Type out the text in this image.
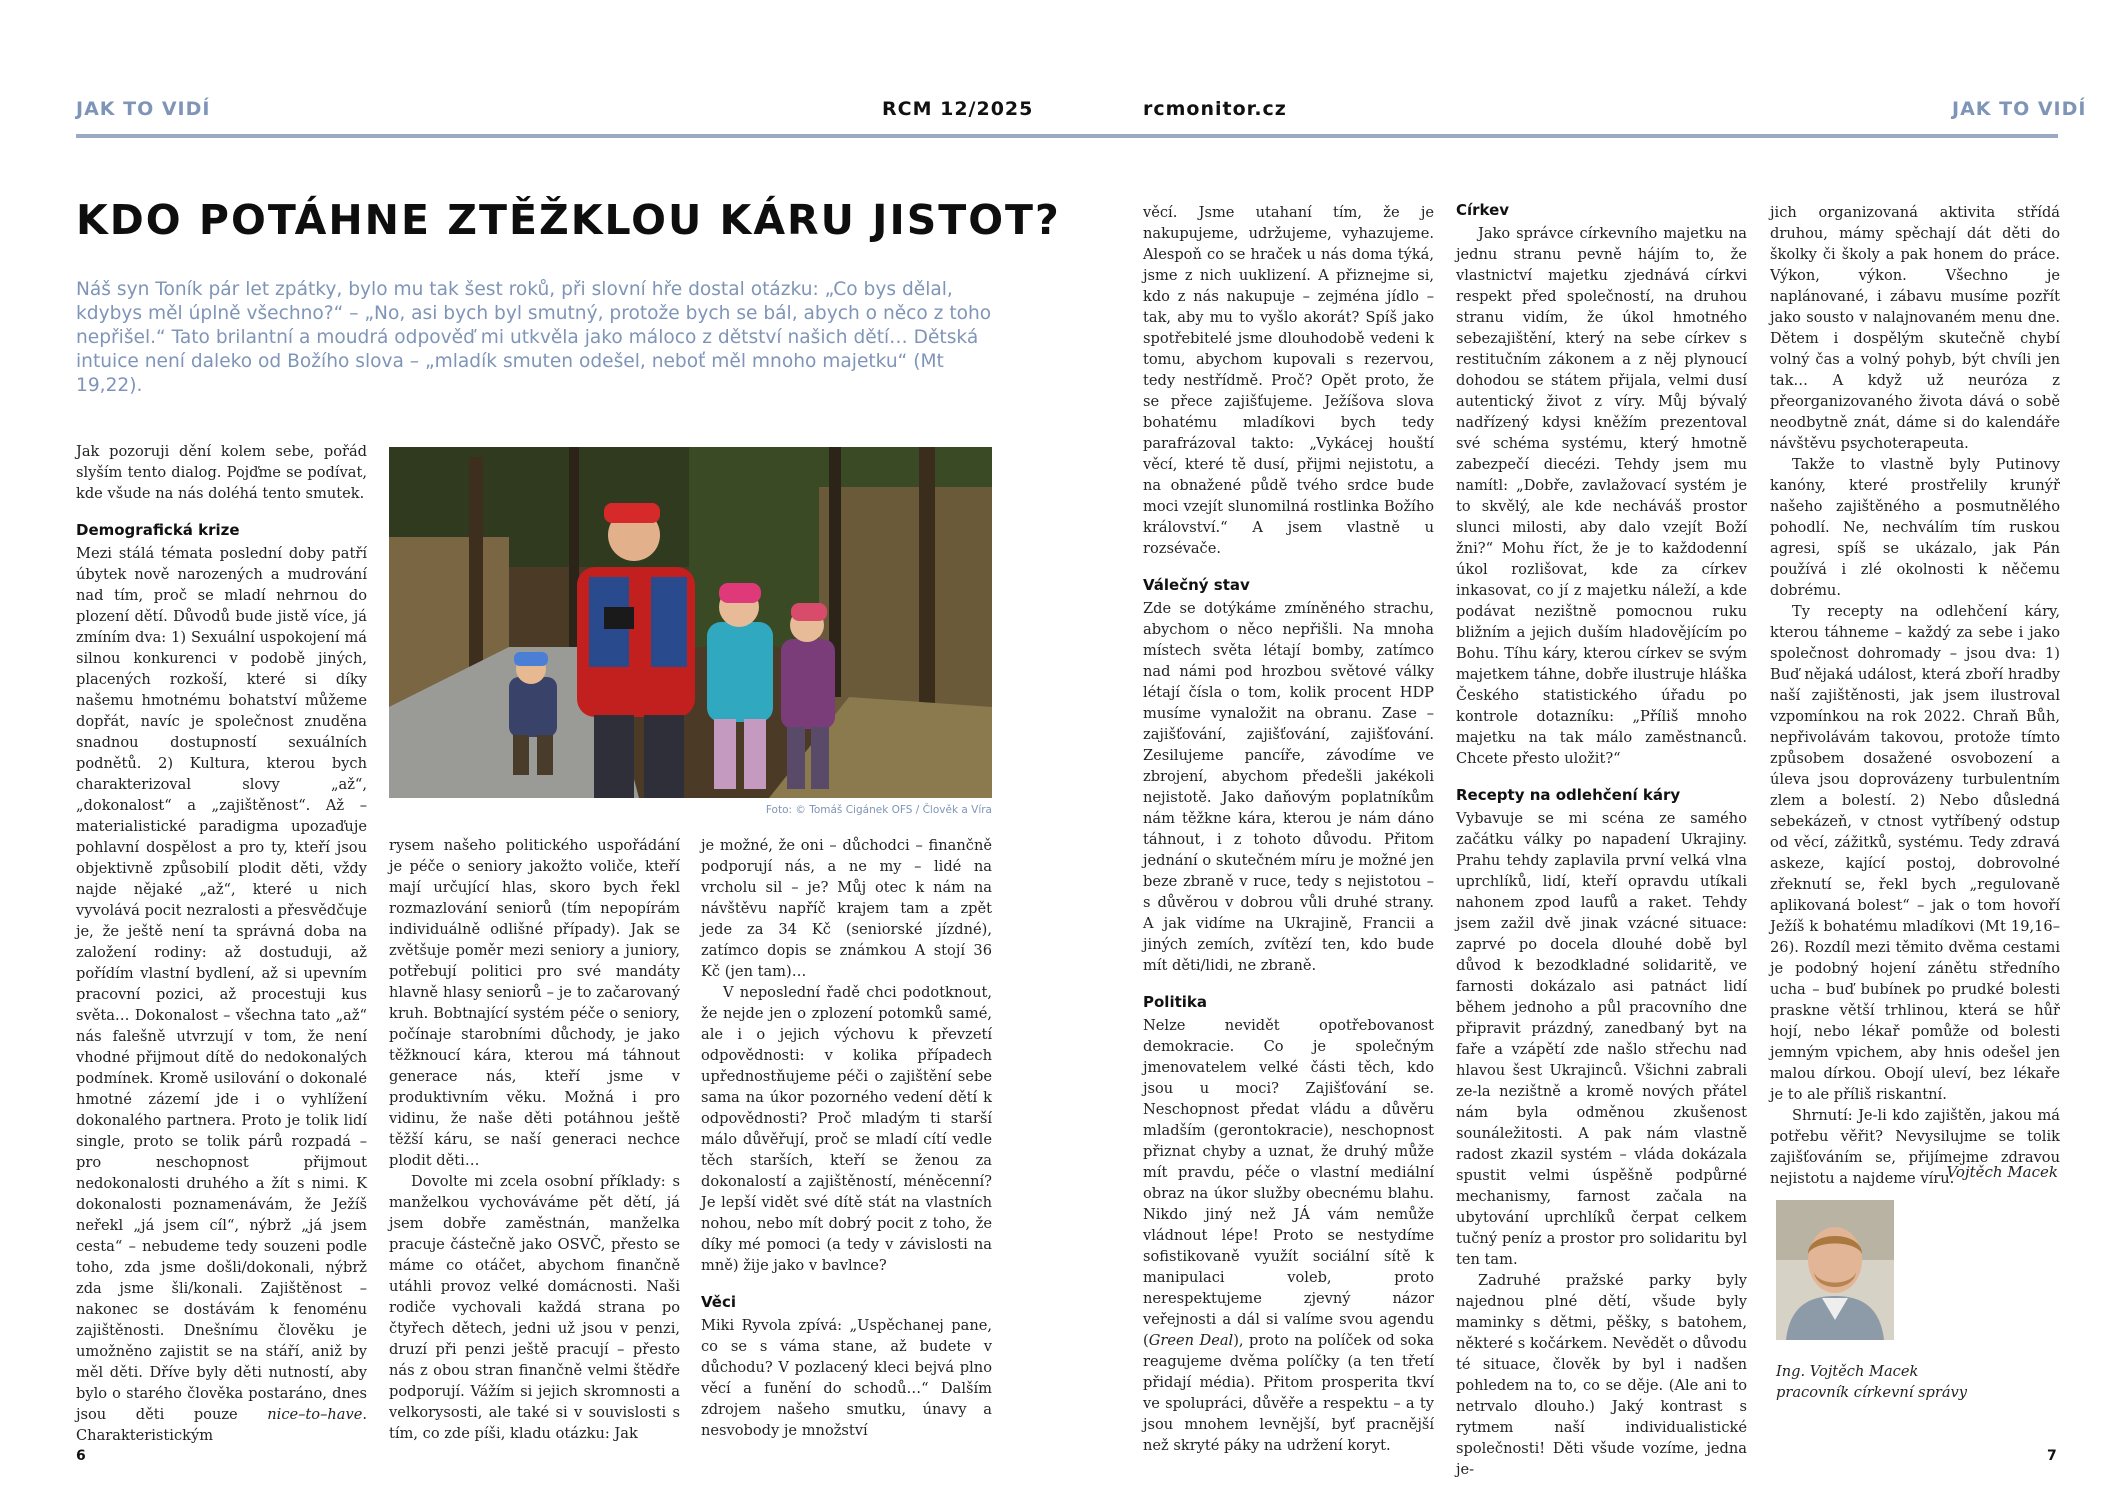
JAK TO VIDÍ	RCM 12/2025	rcmonitor.cz	JAK TO VIDÍ
KDO POTÁHNE ZTĚŽKLOU KÁRU JISTOT?

Náš syn Toník pár let zpátky, bylo mu tak šest roků, při slovní hře dostal otázku: „Co bys dělal, kdybys měl úplně všechno?“ – „No, asi bych byl smutný, protože bych se bál, abych o něco z toho nepřišel.“ Tato brilantní a moudrá odpověď mi utkvěla jako máloco z dětství našich dětí… Dětská intuice není daleko od Božího slova – „mladík smuten odešel, neboť měl mnoho majetku“ (Mt 19,22).

Jak pozoruji dění kolem sebe, pořád slyším tento dialog. Pojďme se podívat, kde všude na nás doléhá tento smutek.

Demografická krize

Mezi stálá témata poslední doby patří úbytek nově narozených a mudrování nad tím, proč se mladí nehrnou do plození dětí. Důvodů bude jistě více, já zmíním dva: 1) Sexuální uspokojení má silnou konkurenci v podobě jiných, placených rozkoší, které si díky našemu hmotnému bohatství můžeme dopřát, navíc je společnost znuděna snadnou dostupností sexuálních podnětů. 2) Kultura, kterou bych charakterizoval slovy „až“, „dokonalost“ a „zajištěnost“. Až – materialistické paradigma upozaďuje pohlavní dospělost a pro ty, kteří jsou objektivně způsobilí plodit děti, vždy najde nějaké „až“, které u nich vyvolává pocit nezralosti a přesvědčuje je, že ještě není ta správná doba na založení rodiny: až dostuduji, až pořídím vlastní bydlení, až si upevním pracovní pozici, až procestuji kus světa… Dokonalost – všechna tato „až“ nás falešně utvrzují v tom, že není vhodné přijmout dítě do nedokonalých podmínek. Kromě usilování o dokonalé hmotné zázemí jde i o vyhlížení dokonalého partnera. Proto je tolik lidí single, proto se tolik párů rozpadá – pro neschopnost přijmout nedokonalosti druhého a žít s nimi. K dokonalosti poznamenávám, že Ježíš neřekl „já jsem cíl“, nýbrž „já jsem cesta“ – nebudeme tedy souzeni podle toho, zda jsme došli/dokonali, nýbrž zda jsme šli/konali. Zajištěnost – nakonec se dostávám k fenoménu zajištěnosti. Dnešnímu člověku je umožněno zajistit se na stáří, aniž by měl děti. Dříve byly děti nutností, aby bylo o starého člověka postaráno, dnes jsou děti pouze nice–to–have. Charakteristickým

Foto: © Tomáš Cigánek OFS / Člověk a Víra

rysem našeho politického uspořádání je péče o seniory jakožto voliče, kteří mají určující hlas, skoro bych řekl rozmazlování seniorů (tím nepopírám individuálně odlišné případy). Jak se zvětšuje poměr mezi seniory a juniory, potřebují politici pro své mandáty hlavně hlasy seniorů – je to začarovaný kruh. Bobtnající systém péče o seniory, počínaje starobními důchody, je jako těžknoucí kára, kterou má táhnout generace nás, kteří jsme v produktivním věku. Možná i pro vidinu, že naše děti potáhnou ještě těžší káru, se naší generaci nechce plodit děti…

Dovolte mi zcela osobní příklady: s manželkou vychováváme pět dětí, já jsem dobře zaměstnán, manželka pracuje částečně jako OSVČ, přesto se máme co otáčet, abychom finančně utáhli provoz velké domácnosti. Naši rodiče vychovali každá strana po čtyřech dětech, jedni už jsou v penzi, druzí při penzi ještě pracují – přesto nás z obou stran finančně velmi štědře podporují. Vážím si jejich skromnosti a velkorysosti, ale také si v souvislosti s tím, co zde píši, kladu otázku: Jak

je možné, že oni – důchodci – finančně podporují nás, a ne my – lidé na vrcholu sil – je? Můj otec k nám na návštěvu napříč krajem tam a zpět jede za 34 Kč (seniorské jízdné), zatímco dopis se známkou A stojí 36 Kč (jen tam)…

V neposlední řadě chci podotknout, že nejde jen o zplození potomků samé, ale i o jejich výchovu k převzetí odpovědnosti: v kolika případech upřednostňujeme péči o zajištění sebe sama na úkor pozorného vedení dětí k odpovědnosti? Proč mladým ti starší málo důvěřují, proč se mladí cítí vedle těch starších, kteří se ženou za dokonalostí a zajištěností, méněcenní? Je lepší vidět své dítě stát na vlastních nohou, nebo mít dobrý pocit z toho, že díky mé pomoci (a tedy v závislosti na mně) žije jako v bavlnce?

Věci

Miki Ryvola zpívá: „Uspěchanej pane, co se s váma stane, až budete v důchodu? V pozlacený kleci bejvá plno věcí a funění do schodů…“ Dalším zdrojem našeho smutku, únavy a nesvobody je množství

věcí. Jsme utahaní tím, že je nakupujeme, udržujeme, vyhazujeme. Alespoň co se hraček u nás doma týká, jsme z nich uuklizení. A přiznejme si, kdo z nás nakupuje – zejména jídlo – tak, aby mu to vyšlo akorát? Spíš jako spotřebitelé jsme dlouhodobě vedeni k tomu, abychom kupovali s rezervou, tedy nestřídmě. Proč? Opět proto, že se přece zajišťujeme. Ježíšova slova bohatému mladíkovi bych tedy parafrázoval takto: „Vykácej houští věcí, které tě dusí, přijmi nejistotu, a na obnažené půdě tvého srdce bude moci vzejít slunomilná rostlinka Božího království.“ A jsem vlastně u rozsévače.

Válečný stav

Zde se dotýkáme zmíněného strachu, abychom o něco nepřišli. Na mnoha místech světa létají bomby, zatímco nad námi pod hrozbou světové války létají čísla o tom, kolik procent HDP musíme vynaložit na obranu. Zase – zajišťování, zajišťování, zajišťování. Zesilujeme pancíře, závodíme ve zbrojení, abychom předešli jakékoli nejistotě. Jako daňovým poplatníkům nám těžkne kára, kterou je nám dáno táhnout, i z tohoto důvodu. Přitom jednání o skutečném míru je možné jen beze zbraně v ruce, tedy s nejistotou – s důvěrou v dobrou vůli druhé strany. A jak vidíme na Ukrajině, Francii a jiných zemích, zvítězí ten, kdo bude mít děti/lidi, ne zbraně.

Politika

Nelze nevidět opotřebovanost demokracie. Co je společným jmenovatelem velké části těch, kdo jsou u moci? Zajišťování se. Neschopnost předat vládu a důvěru mladším (gerontokracie), neschopnost přiznat chyby a uznat, že druhý může mít pravdu, péče o vlastní mediální obraz na úkor služby obecnému blahu. Nikdo jiný než JÁ vám nemůže vládnout lépe! Proto se nestydíme sofistikovaně využít sociální sítě k manipulaci voleb, proto nerespektujeme zjevný názor veřejnosti a dál si valíme svou agendu (Green Deal), proto na políček od soka reagujeme dvěma políčky (a ten třetí přidají média). Přitom prosperita tkví ve spolupráci, důvěře a respektu – a ty jsou mnohem levnější, byť pracnější než skryté páky na udržení koryt.

Církev

Jako správce církevního majetku na jednu stranu pevně hájím to, že vlastnictví majetku zjednává církvi respekt před společností, na druhou stranu vidím, že úkol hmotného sebezajištění, který na sebe církev s restitučním zákonem a z něj plynoucí dohodou se státem přijala, velmi dusí autentický život z víry. Můj bývalý nadřízený kdysi kněžím prezentoval své schéma systému, který hmotně zabezpečí diecézi. Tehdy jsem mu namítl: „Dobře, zavlažovací systém je to skvělý, ale kde necháváš prostor slunci milosti, aby dalo vzejít Boží žni?“ Mohu říct, že je to každodenní úkol rozlišovat, kde za církev inkasovat, co jí z majetku náleží, a kde podávat nezištně pomocnou ruku bližním a jejich duším hladovějícím po Bohu. Tíhu káry, kterou církev se svým majetkem táhne, dobře ilustruje hláška Českého statistického úřadu po kontrole dotazníku: „Příliš mnoho majetku na tak málo zaměstnanců. Chcete přesto uložit?“

Recepty na odlehčení káry

Vybavuje se mi scéna ze samého začátku války po napadení Ukrajiny. Prahu tehdy zaplavila první velká vlna uprchlíků, lidí, kteří opravdu utíkali nahonem zpod laufů a raket. Tehdy jsem zažil dvě jinak vzácné situace: zaprvé po docela dlouhé době byl důvod k bezodkladné solidaritě, ve farnosti dokázalo asi patnáct lidí během jednoho a půl pracovního dne připravit prázdný, zanedbaný byt na faře a vzápětí zde našlo střechu nad hlavou šest Ukrajinců. Všichni zabrali ze-la nezištně a kromě nových přátel nám byla odměnou zkušenost sounáležitosti. A pak nám vlastně radost zkazil systém – vláda dokázala spustit velmi úspěšně podpůrné mechanismy, farnost začala na ubytování uprchlíků čerpat celkem tučný peníz a prostor pro solidaritu byl ten tam.

Zadruhé pražské parky byly najednou plné dětí, všude byly maminky s dětmi, pěšky, s batohem, některé s kočárkem. Nevědět o důvodu té situace, člověk by byl i nadšen pohledem na to, co se děje. (Ale ani to netrvalo dlouho.) Jaký kontrast s rytmem naší individualistické společnosti! Děti všude vozíme, jedna je-

jich organizovaná aktivita střídá druhou, mámy spěchají dát děti do školky či školy a pak honem do práce. Výkon, výkon. Všechno je naplánované, i zábavu musíme pozřít jako sousto v nalajnovaném menu dne. Dětem i dospělým skutečně chybí volný čas a volný pohyb, být chvíli jen tak… A když už neuróza z přeorganizovaného života dává o sobě neodbytně znát, dáme si do kalendáře návštěvu psychoterapeuta.

Takže to vlastně byly Putinovy kanóny, které prostřelily krunýř našeho zajištěného a posmutnělého pohodlí. Ne, nechválím tím ruskou agresi, spíš se ukázalo, jak Pán používá i zlé okolnosti k něčemu dobrému.

Ty recepty na odlehčení káry, kterou táhneme – každý za sebe i jako společnost dohromady – jsou dva: 1) Buď nějaká událost, která zboří hradby naší zajištěnosti, jak jsem ilustroval vzpomínkou na rok 2022. Chraň Bůh, nepřivolávám takovou, protože tímto způsobem dosažené osvobození a úleva jsou doprovázeny turbulentním zlem a bolestí. 2) Nebo důsledná sebekázeň, v ctnost vytříbený odstup od věcí, zážitků, systému. Tedy zdravá askeze, kající postoj, dobrovolné zřeknutí se, řekl bych „regulovaně aplikovaná bolest“ – jak o tom hovoří Ježíš k bohatému mladíkovi (Mt 19,16–26). Rozdíl mezi těmito dvěma cestami je podobný hojení zánětu středního ucha – buď bubínek po prudké bolesti praskne větší trhlinou, která se hůř hojí, nebo lékař pomůže od bolesti jemným vpichem, aby hnis odešel jen malou dírkou. Obojí uleví, bez lékaře je to ale příliš riskantní.

Shrnutí: Je-li kdo zajištěn, jakou má potřebu věřit? Nevysilujme se tolik zajišťováním se, přijímejme zdravou nejistotu a najdeme víru.

Vojtěch Macek
Ing. Vojtěch Macek
pracovník církevní správy
6	7
